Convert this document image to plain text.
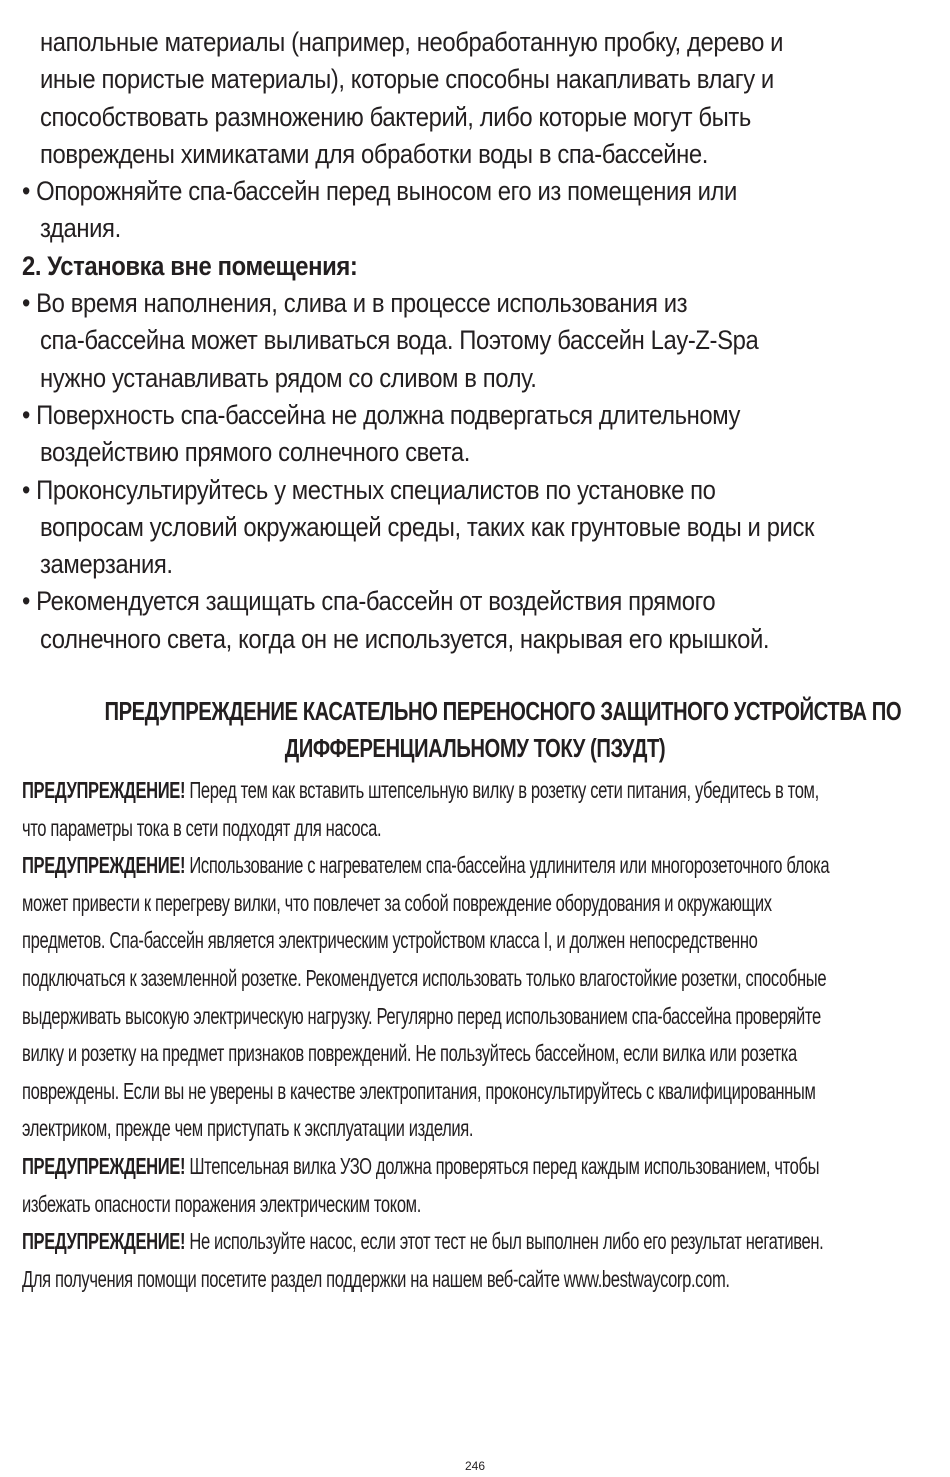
напольные материалы (например, необработанную пробку, дерево и

иные пористые материалы), которые способны накапливать влагу и

способствовать размножению бактерий, либо которые могут быть

повреждены химикатами для обработки воды в спа-бассейне.

• Опорожняйте спа-бассейн перед выносом его из помещения или

здания.

2. Установка вне помещения:

• Во время наполнения, слива и в процессе использования из

спа-бассейна может выливаться вода. Поэтому бассейн Lay-Z-Spa

нужно устанавливать рядом со сливом в полу.

• Поверхность спа-бассейна не должна подвергаться длительному

воздействию прямого солнечного света.

• Проконсультируйтесь у местных специалистов по установке по

вопросам условий окружающей среды, таких как грунтовые воды и риск

замерзания.

• Рекомендуется защищать спа-бассейн от воздействия прямого

солнечного света, когда он не используется, накрывая его крышкой.

ПРЕДУПРЕЖДЕНИЕ КАСАТЕЛЬНО ПЕРЕНОСНОГО ЗАЩИТНОГО УСТРОЙСТВА ПО

ДИФФЕРЕНЦИАЛЬНОМУ ТОКУ (ПЗУДТ)

ПРЕДУПРЕЖДЕНИЕ! Перед тем как вставить штепсельную вилку в розетку сети питания, убедитесь в том,

что параметры тока в сети подходят для насоса.

ПРЕДУПРЕЖДЕНИЕ! Использование с нагревателем спа-бассейна удлинителя или многорозеточного блока

может привести к перегреву вилки, что повлечет за собой повреждение оборудования и окружающих

предметов. Спа-бассейн является электрическим устройством класса I, и должен непосредственно

подключаться к заземленной розетке. Рекомендуется использовать только влагостойкие розетки, способные

выдерживать высокую электрическую нагрузку. Регулярно перед использованием спа-бассейна проверяйте

вилку и розетку на предмет признаков повреждений. Не пользуйтесь бассейном, если вилка или розетка

повреждены. Если вы не уверены в качестве электропитания, проконсультируйтесь с квалифицированным

электриком, прежде чем приступать к эксплуатации изделия.

ПРЕДУПРЕЖДЕНИЕ! Штепсельная вилка УЗО должна проверяться перед каждым использованием, чтобы

избежать опасности поражения электрическим током.

ПРЕДУПРЕЖДЕНИЕ! Не используйте насос, если этот тест не был выполнен либо его результат негативен.

Для получения помощи посетите раздел поддержки на нашем веб-сайте www.bestwaycorp.com.

246
